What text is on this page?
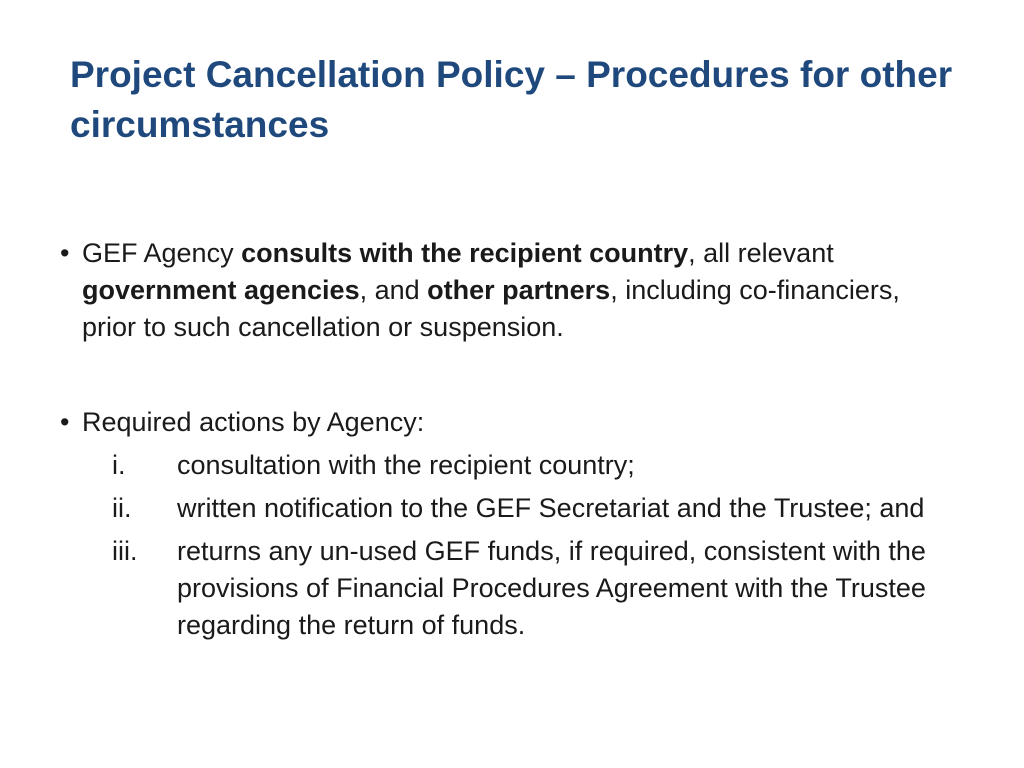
Project Cancellation Policy – Procedures for other circumstances
• GEF Agency consults with the recipient country, all relevant government agencies, and other partners, including co-financiers, prior to such cancellation or suspension.
• Required actions by Agency:
i. consultation with the recipient country;
ii. written notification to the GEF Secretariat and the Trustee; and
iii. returns any un-used GEF funds, if required, consistent with the provisions of Financial Procedures Agreement with the Trustee regarding the return of funds.
